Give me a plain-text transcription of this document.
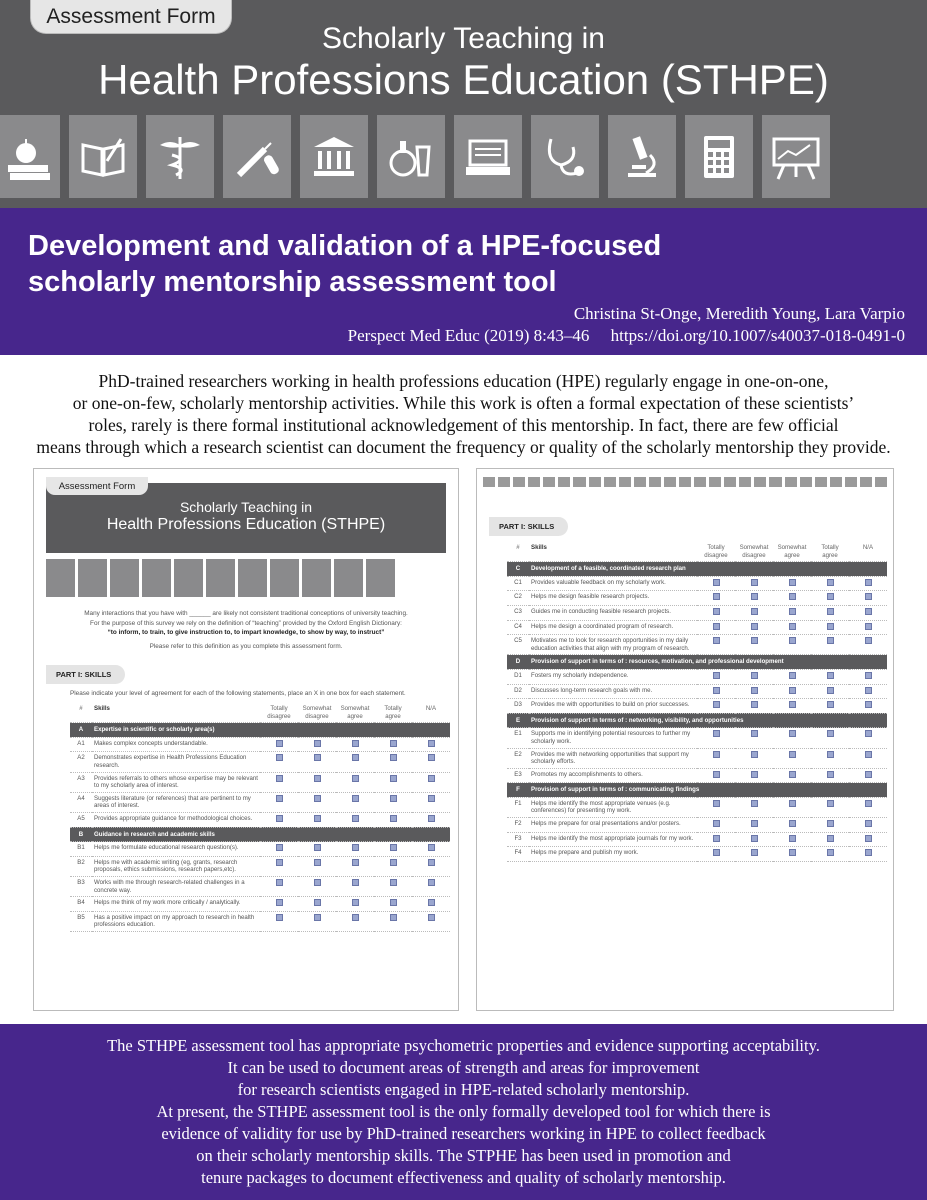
Assessment Form
Scholarly Teaching in
Health Professions Education (STHPE)
Development and validation of a HPE-focused
scholarly mentorship assessment tool
Christina St-Onge, Meredith Young, Lara Varpio
Perspect Med Educ (2019) 8:43–46     https://doi.org/10.1007/s40037-018-0491-0
PhD-trained researchers working in health professions education (HPE) regularly engage in one-on-one,
or one-on-few, scholarly mentorship activities. While this work is often a formal expectation of these scientists’
roles, rarely is there formal institutional acknowledgement of this mentorship. In fact, there are few official
means through which a research scientist can document the frequency or quality of the scholarly mentorship they provide.
Assessment Form
Scholarly Teaching in
Health Professions Education (STHPE)
Many interactions that you have with ______ are likely not consistent traditional conceptions of university teaching.
For the purpose of this survey we rely on the definition of “teaching” provided by the Oxford English Dictionary:
“to inform, to train, to give instruction to, to impart knowledge, to show by way, to instruct”
Please refer to this definition as you complete this assessment form.
PART I: SKILLS
Please indicate your level of agreement for each of the following statements, place an X in one box for each statement.
#	Skills	Totally disagree	Somewhat disagree	Somewhat agree	Totally agree	N/A
A	Expertise in scientific or scholarly area(s)					
A1	Makes complex concepts understandable.					
A2	Demonstrates expertise in Health Professions Education research.					
A3	Provides referrals to others whose expertise may be relevant to my scholarly area of interest.					
A4	Suggests literature (or references) that are pertinent to my areas of interest.					
A5	Provides appropriate guidance for methodological choices.					
B	Guidance in research and academic skills					
B1	Helps me formulate educational research question(s).					
B2	Helps me with academic writing (eg, grants, research proposals, ethics submissions, research papers,etc).					
B3	Works with me through research-related challenges in a concrete way.					
B4	Helps me think of my work more critically / analytically.					
B5	Has a positive impact on my approach to research in health professions education.					
PART I: SKILLS
#	Skills	Totally disagree	Somewhat disagree	Somewhat agree	Totally agree	N/A
C	Development of a feasible, coordinated research plan					
C1	Provides valuable feedback on my scholarly work.					
C2	Helps me design feasible research projects.					
C3	Guides me in conducting feasible research projects.					
C4	Helps me design a coordinated program of research.					
C5	Motivates me to look for research opportunities in my daily education activities that align with my program of research.					
D	Provision of support in terms of : resources, motivation, and professional development					
D1	Fosters my scholarly independence.					
D2	Discusses long-term research goals with me.					
D3	Provides me with opportunities to build on prior successes.					
E	Provision of support in terms of : networking, visibility, and opportunities					
E1	Supports me in identifying potential resources to further my scholarly work.					
E2	Provides me with networking opportunities that support my scholarly efforts.					
E3	Promotes my accomplishments to others.					
F	Provision of support in terms of : communicating findings					
F1	Helps me identify the most appropriate venues (e.g. conferences) for presenting my work.					
F2	Helps me prepare for oral presentations and/or posters.					
F3	Helps me identify the most appropriate journals for my work.					
F4	Helps me prepare and publish my work.					

The STHPE assessment tool has appropriate psychometric properties and evidence supporting acceptability.
It can be used to document areas of strength and areas for improvement
for research scientists engaged in HPE-related scholarly mentorship.
At present, the STHPE assessment tool is the only formally developed tool for which there is
evidence of validity for use by PhD-trained researchers working in HPE to collect feedback
on their scholarly mentorship skills. The STPHE has been used in promotion and
tenure packages to document effectiveness and quality of scholarly mentorship.
